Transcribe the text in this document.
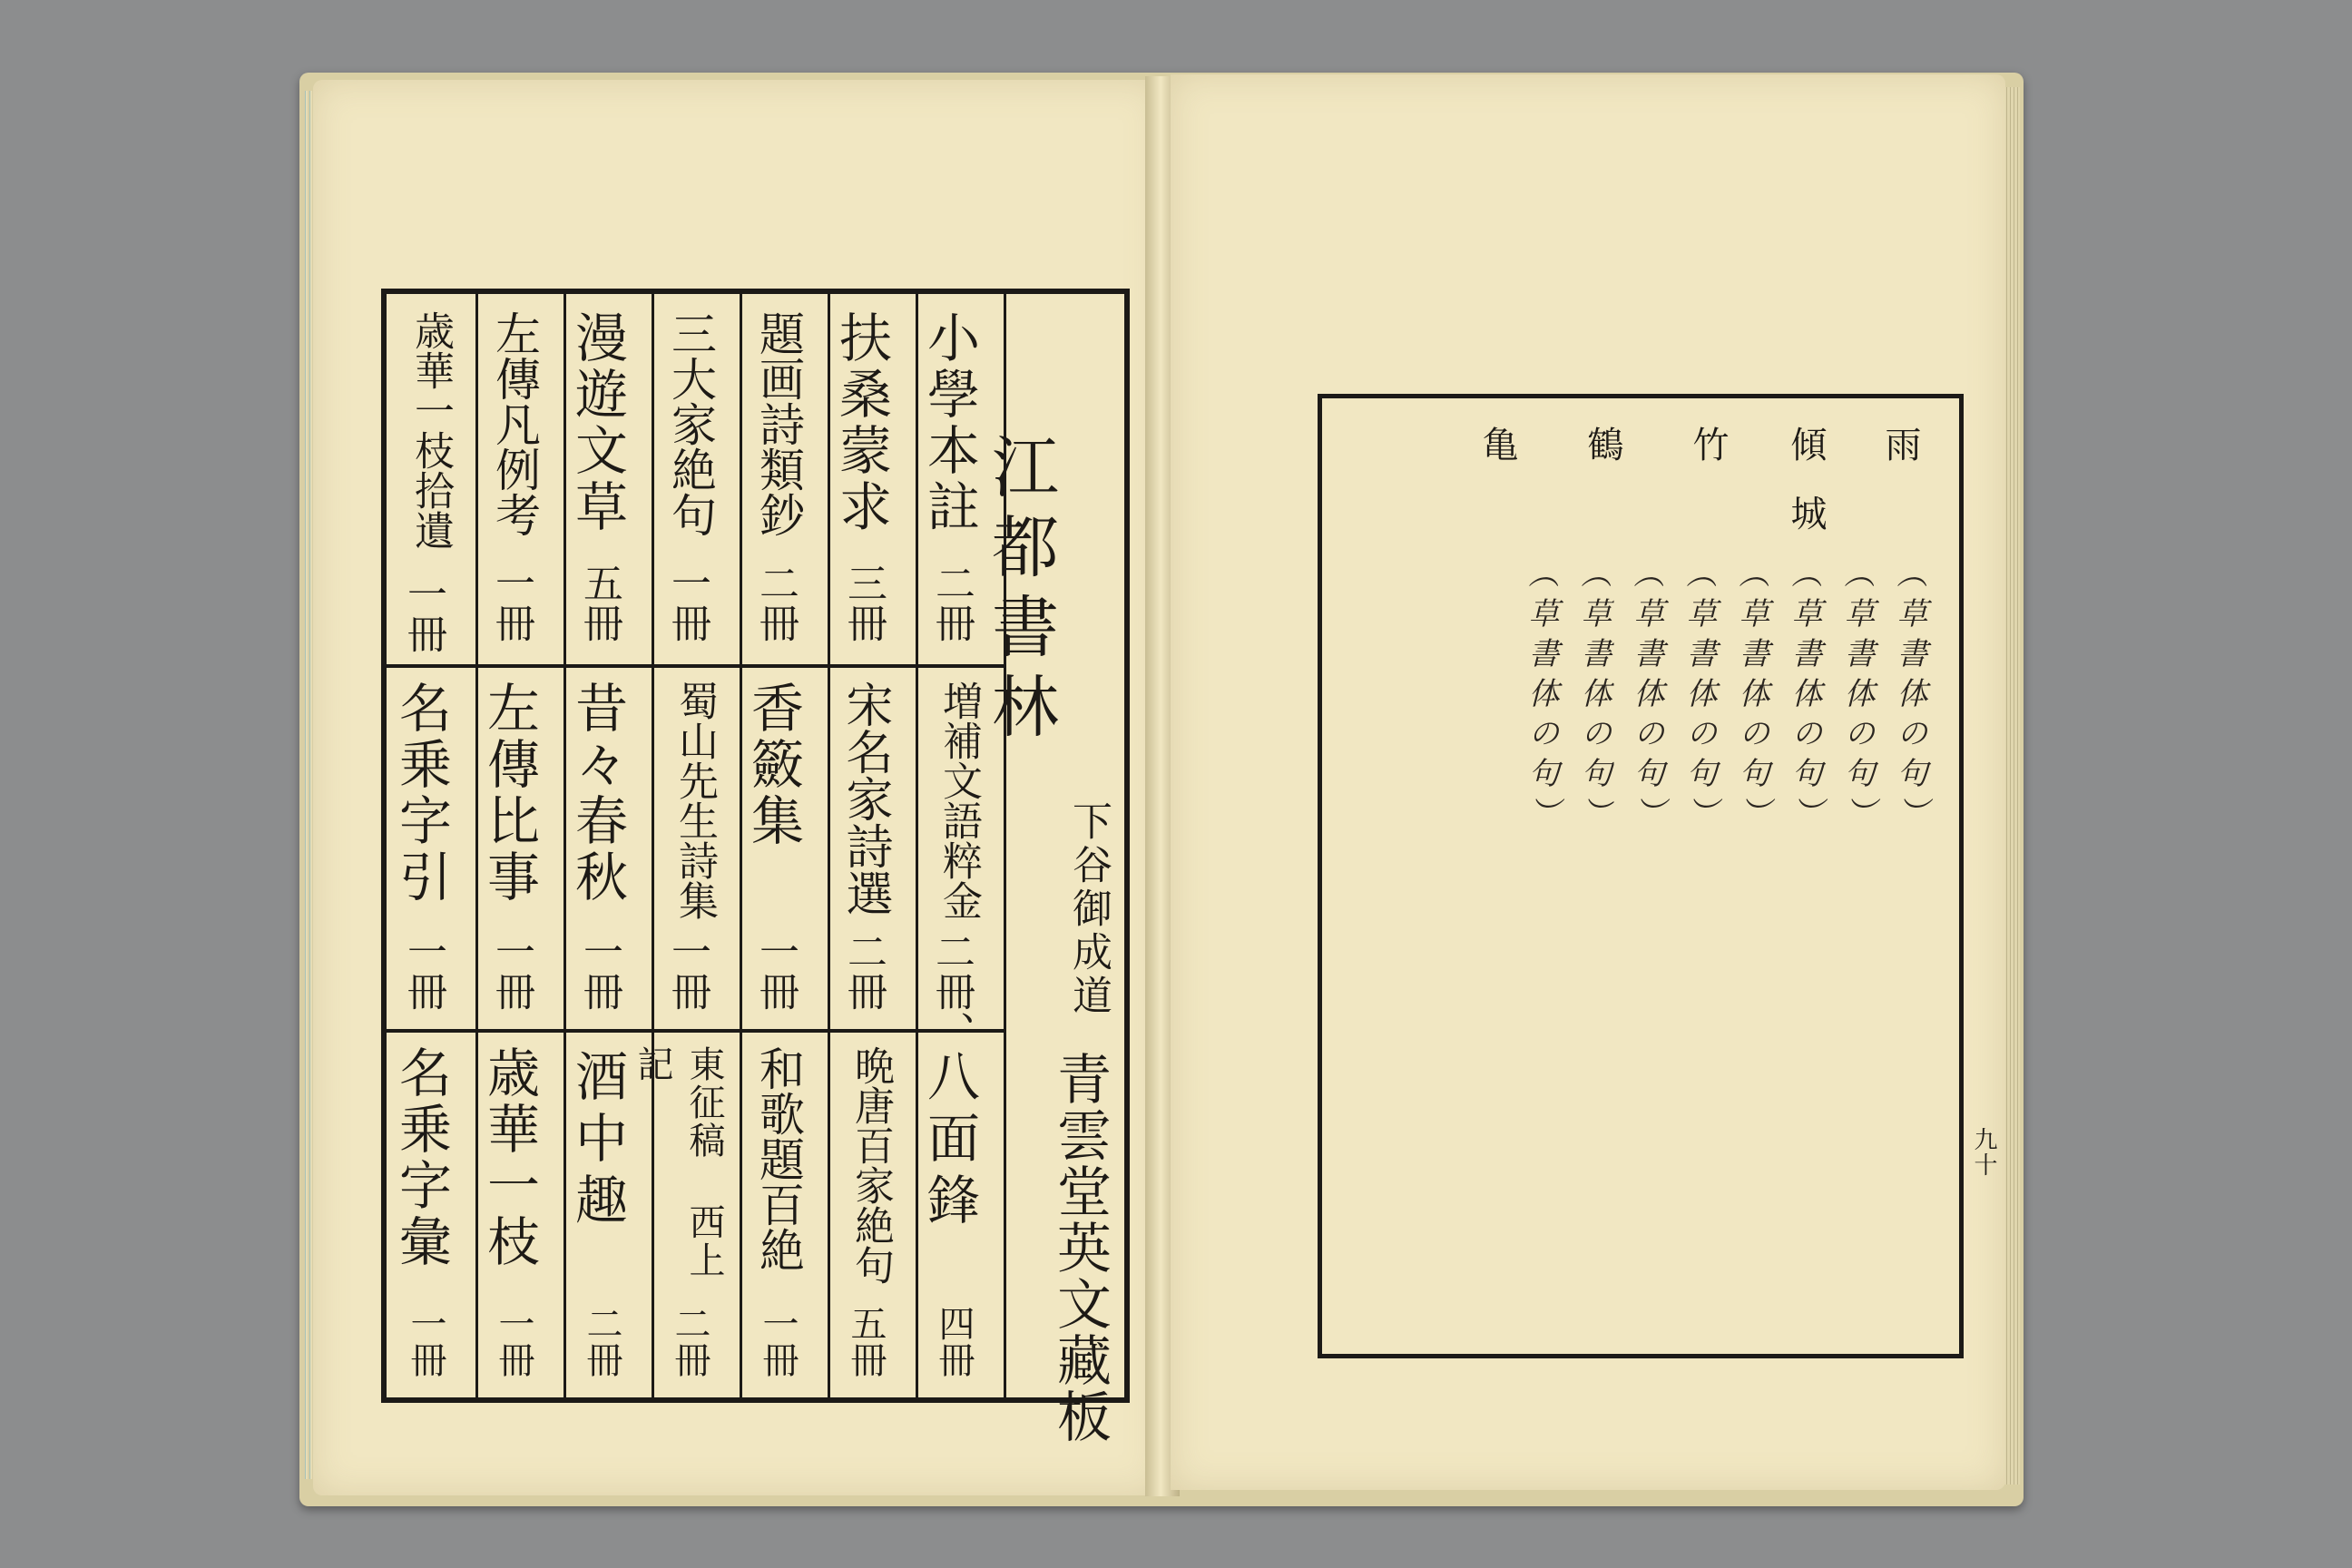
江都書林
下谷御成道
青雲堂英文藏板
小學本註
二冊
扶桑蒙求
三冊
題画詩類鈔
二冊
三大家絶句
一冊
漫遊文草
五冊
左傳凡例考
一冊
歳華一枝拾遺
一冊
増補文語粹金
二冊、
宋名家詩選
二冊
香籢集
一冊
蜀山先生詩集
一冊
昔々春秋
一冊
左傳比事
一冊
名乗字引
一冊
八面鋒
四冊
晩唐百家絶句
五冊
和歌題百絶
一冊
東征稿 西上記
二冊
酒中趣
二冊
歳華一枝
一冊
名乗字彙
一冊
雨
傾城
竹
鶴
亀
（草書体の句）
（草書体の句）
（草書体の句）
（草書体の句）
（草書体の句）
（草書体の句）
（草書体の句）
（草書体の句）
九十
